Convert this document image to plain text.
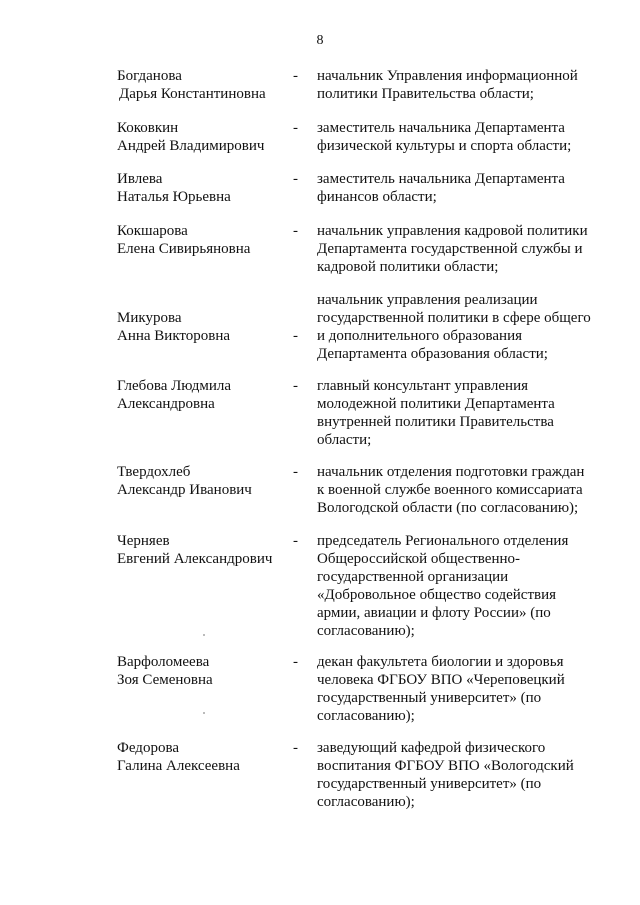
8
Богданова
Дарья Константиновна
- начальник Управления информационной политики Правительства области;
Коковкин
Андрей Владимирович
- заместитель начальника Департамента физической культуры и спорта области;
Ивлева
Наталья Юрьевна
- заместитель начальника Департамента финансов области;
Кокшарова
Елена Сивирьяновна
- начальник управления кадровой политики Департамента государственной службы и кадровой политики области;
Микурова
Анна Викторовна	-
начальник управления реализации государственной политики в сфере общего и дополнительного образования Департамента образования области;
Глебова Людмила
Александровна
- главный консультант управления молодежной политики Департамента внутренней политики Правительства области;
Твердохлеб
Александр Иванович
- начальник отделения подготовки граждан к военной службе военного комиссариата Вологодской области (по согласованию);
Черняев
Евгений Александрович
- председатель Регионального отделения Общероссийской общественно-государственной организации «Добровольное общество содействия армии, авиации и флоту России» (по согласованию);
Варфоломеева
Зоя Семеновна
- декан факультета биологии и здоровья человека ФГБОУ ВПО «Череповецкий государственный университет» (по согласованию);
Федорова
Галина Алексеевна
- заведующий кафедрой физического воспитания ФГБОУ ВПО «Вологодский государственный университет» (по согласованию);
